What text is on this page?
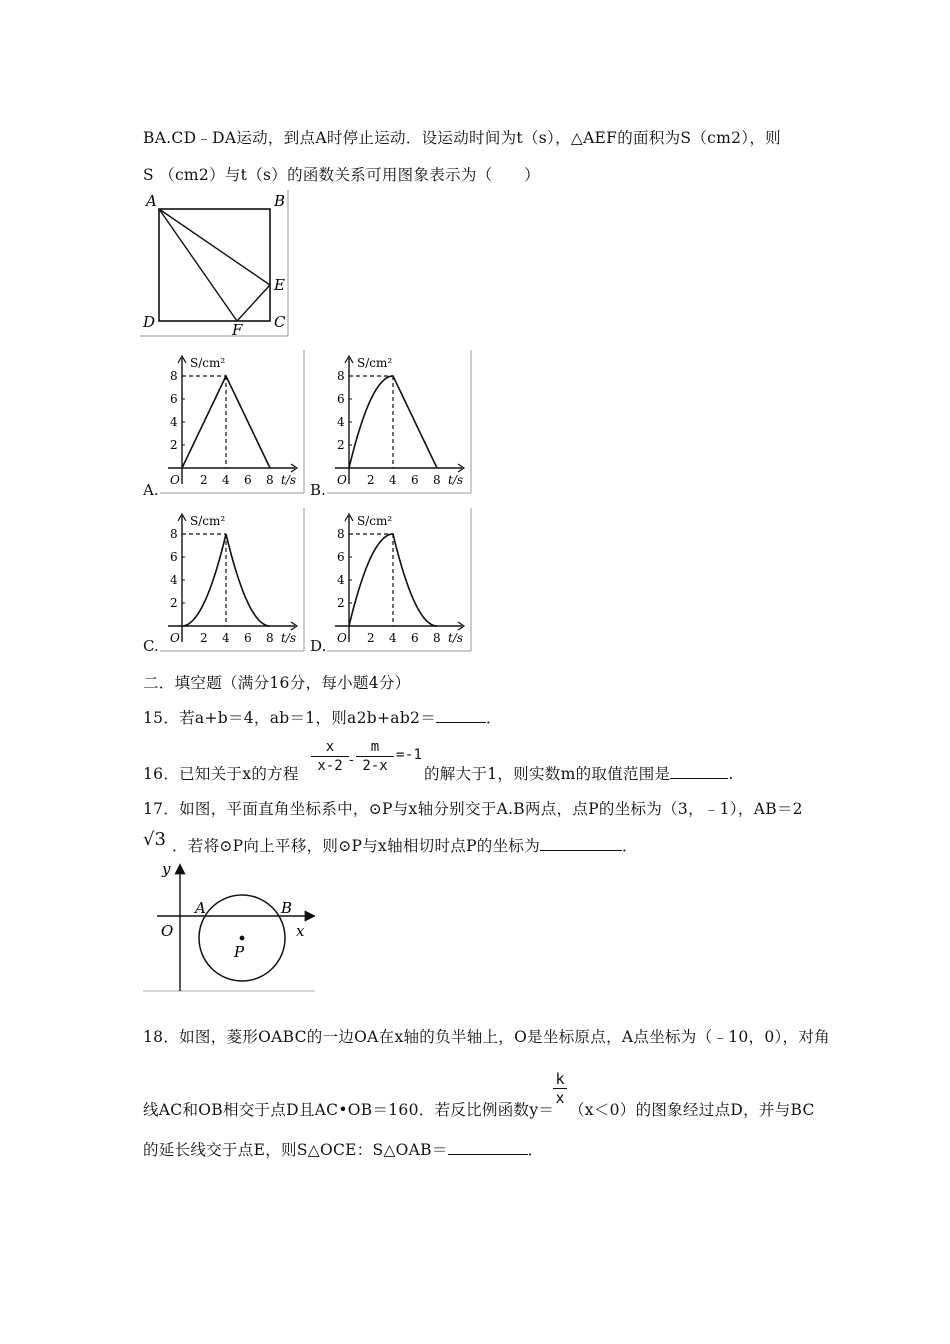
BA.CD﹣DA运动，到点A时停止运动．设运动时间为t（s），△AEF的面积为S（cm2），则
S （cm2）与t（s）的函数关系可用图象表示为（　　）
A	B
C
D
E
F
A.	B.
C.	D.
2 4 6 8
2
4
6
8
O
S/cm²
t/s	2 4 6 8
2
4
6
8
O
S/cm²
t/s
2 4 6 8
2
4
6
8
O
S/cm²
t/s	2 4 6 8
2
4
6
8
O
S/cm²
t/s
二．填空题（满分16分，每小题4分）
15．若a+b＝4，ab＝1，则a2b+ab2＝	．
16．已知关于x的方程
x
x-2 -
m
2-x
=-1
的解大于1，则实数m的取值范围是	.
17．如图，平面直角坐标系中，⊙P与x轴分别交于A.B两点，点P的坐标为（3，﹣1），AB＝2
√3 ．若将⊙P向上平移，则⊙P与x轴相切时点P的坐标为	．
y
x
O
A	B
P
18．如图，菱形OABC的一边OA在x轴的负半轴上，O是坐标原点，A点坐标为（﹣10，0），对角
k
x
线AC和OB相交于点D且AC•OB＝160．若反比例函数y＝ （x＜0）的图象经过点D，并与BC
的延长线交于点E，则S△OCE：S△OAB＝	．
